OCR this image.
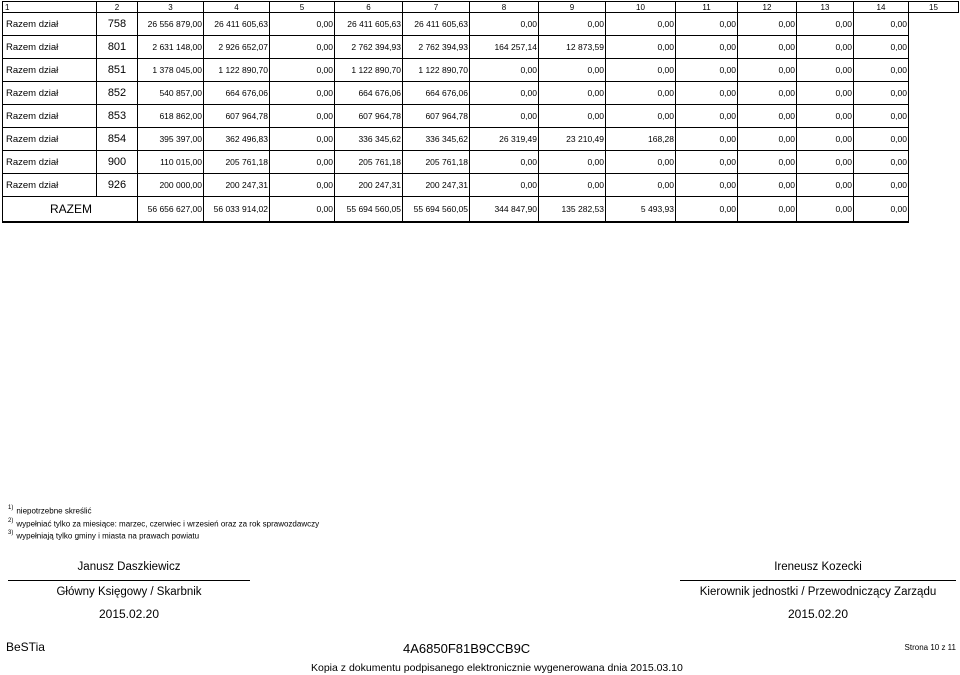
1	2	3	4	5	6	7	8	9	10	11	12	13	14	15
Razem dział	758	26 556 879,00	26 411 605,63	0,00	26 411 605,63	26 411 605,63	0,00	0,00	0,00	0,00	0,00	0,00	0,00	
Razem dział	801	2 631 148,00	2 926 652,07	0,00	2 762 394,93	2 762 394,93	164 257,14	12 873,59	0,00	0,00	0,00	0,00	0,00	
Razem dział	851	1 378 045,00	1 122 890,70	0,00	1 122 890,70	1 122 890,70	0,00	0,00	0,00	0,00	0,00	0,00	0,00	
Razem dział	852	540 857,00	664 676,06	0,00	664 676,06	664 676,06	0,00	0,00	0,00	0,00	0,00	0,00	0,00	
Razem dział	853	618 862,00	607 964,78	0,00	607 964,78	607 964,78	0,00	0,00	0,00	0,00	0,00	0,00	0,00	
Razem dział	854	395 397,00	362 496,83	0,00	336 345,62	336 345,62	26 319,49	23 210,49	168,28	0,00	0,00	0,00	0,00	
Razem dział	900	110 015,00	205 761,18	0,00	205 761,18	205 761,18	0,00	0,00	0,00	0,00	0,00	0,00	0,00	
Razem dział	926	200 000,00	200 247,31	0,00	200 247,31	200 247,31	0,00	0,00	0,00	0,00	0,00	0,00	0,00	
RAZEM		56 656 627,00	56 033 914,02	0,00	55 694 560,05	55 694 560,05	344 847,90	135 282,53	5 493,93	0,00	0,00	0,00	0,00	
$^{1)}$ niepotrzebne skreślić
$^{2)}$ wypełniać tylko za miesiące: marzec, czerwiec i wrzesień oraz za rok sprawozdawczy
$^{3)}$ wypełniają tylko gminy i miasta na prawach powiatu
Janusz Daszkiewicz
Główny Księgowy / Skarbnik
2015.02.20
Ireneusz Kozecki
Kierownik jednostki / Przewodniczący Zarządu
2015.02.20
BeSTia	4A6850F81B9CCB9C	Strona 10 z 11
Kopia z dokumentu podpisanego elektronicznie wygenerowana dnia 2015.03.10
